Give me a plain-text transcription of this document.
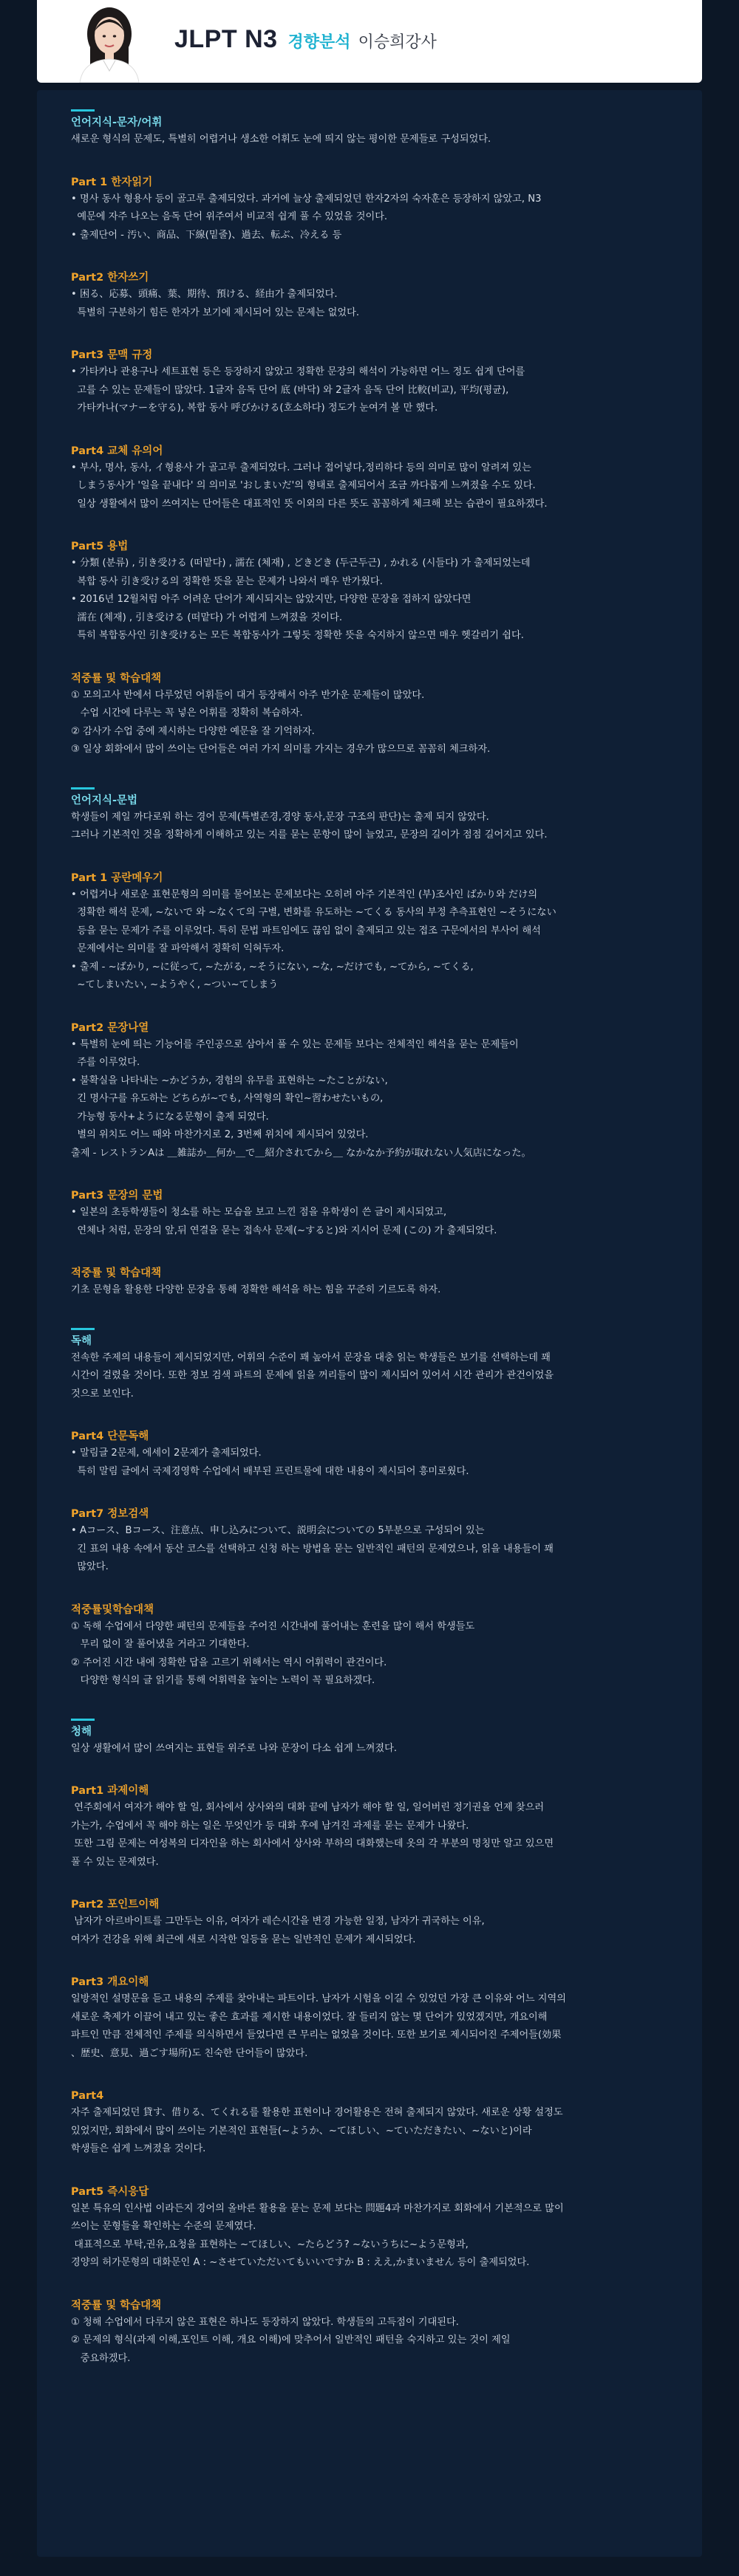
JLPT N3 경향분석 이승희강사
언어지식-문자/어휘
새로운 형식의 문제도, 특별히 어렵거나 생소한 어휘도 눈에 띄지 않는 평이한 문제들로 구성되었다.
Part 1 한자읽기
• 명사 동사 형용사 등이 골고루 출제되었다. 과거에 늘상 출제되었던 한자2자의 숙자훈은 등장하지 않았고, N3
예문에 자주 나오는 음독 단어 위주여서 비교적 쉽게 풀 수 있었을 것이다.
• 출제단어 - 汚い、商品、下線(밑줄)、過去、転ぶ、冷える 등
Part2 한자쓰기
• 困る、応募、頭痛、葉、期待、預ける、経由가 출제되었다.
특별히 구분하기 힘든 한자가 보기에 제시되어 있는 문제는 없었다.
Part3 문맥 규정
• 가타카나 관용구나 세트표현 등은 등장하지 않았고 정확한 문장의 해석이 가능하면 어느 정도 쉽게 단어를
고를 수 있는 문제들이 많았다. 1글자 음독 단어 底 (바닥) 와 2글자 음독 단어 比較(비교), 平均(평균),
가타카나(マナーを守る), 복합 동사 呼びかける(호소하다) 정도가 눈여겨 볼 만 했다.
Part4 교체 유의어
• 부사, 명사, 동사, イ형용사 가 골고루 출제되었다. 그러나 접어넣다,정리하다 등의 의미로 많이 알려져 있는
しまう동사가 '일을 끝내다' 의 의미로 'おしまいだ'의 형태로 출제되어서 조금 까다롭게 느껴졌을 수도 있다.
일상 생활에서 많이 쓰여지는 단어들은 대표적인 뜻 이외의 다른 뜻도 꼼꼼하게 체크해 보는 습관이 필요하겠다.
Part5 용법
• 分類 (분류) , 引き受ける (떠맡다) , 濡在 (체재) , どきどき (두근두근) , かれる (시들다) 가 출제되었는데
복합 동사 引き受ける의 정확한 뜻을 묻는 문제가 나와서 매우 반가웠다.
• 2016년 12월처럼 아주 어려운 단어가 제시되지는 않았지만, 다양한 문장을 접하지 않았다면
濡在 (체재) , 引き受ける (떠맡다) 가 어렵게 느껴졌을 것이다.
특히 복합동사인 引き受ける는 모든 복합동사가 그렇듯 정확한 뜻을 숙지하지 않으면 매우 헷갈리기 쉽다.
적중률 및 학습대책
① 모의고사 반에서 다루었던 어휘들이 대거 등장해서 아주 반가운 문제들이 많았다.
수업 시간에 다루는 꼭 넣은 어휘를 정확히 복습하자.
② 감사가 수업 중에 제시하는 다양한 예문을 잘 기억하자.
③ 일상 회화에서 많이 쓰이는 단어들은 여러 가지 의미를 가지는 경우가 많으므로 꼼꼼히 체크하자.
언어지식-문법
학생들이 제일 까다로워 하는 경어 문제(특별존경,경양 동사,문장 구조의 판단)는 출제 되지 않았다.
그러나 기본적인 것을 정확하게 이해하고 있는 지를 묻는 문항이 많이 늘었고, 문장의 길이가 점점 길어지고 있다.
Part 1 공란메우기
• 어렵거나 새로운 표현문형의 의미를 물어보는 문제보다는 오히려 아주 기본적인 (부)조사인 ばかり와 だけ의
정확한 해석 문제, ~ないで 와 ~なくて의 구별, 변화를 유도하는 ~てくる 동사의 부정 추측표현인 ~そうにない
등을 묻는 문제가 주를 이루었다. 특히 문법 파트임에도 끊임 없이 출제되고 있는 접조 구문에서의 부사어 해석
문제에서는 의미를 잘 파악해서 정확히 익혀두자.
• 출제 - ~ばかり, ~に従って, ~たがる, ~そうにない, ~な, ~だけでも, ~てから, ~てくる,
~てしまいたい, ~ようやく, ~つい~てしまう
Part2 문장나열
• 특별히 눈에 띄는 기능어를 주인공으로 삼아서 풀 수 있는 문제들 보다는 전체적인 해석을 묻는 문제들이
주를 이루었다.
• 불확실을 나타내는 ~かどうか, 경험의 유무를 표현하는 ~たことがない,
긴 명사구를 유도하는 どちらが~でも, 사역형의 확인~習わせたいもの,
가능형 동사+ようになる문형이 출제 되었다.
별의 위치도 어느 때와 마찬가지로 2, 3번째 위치에 제시되어 있었다.
출제 - レストランAは ＿雑誌か＿何か＿で＿紹介されてから＿ なかなか予約が取れない人気店になった。
Part3 문장의 문법
• 일본의 초등학생들이 청소를 하는 모습을 보고 느낀 점을 유학생이 쓴 글이 제시되었고,
연체나 처럼, 문장의 앞,뒤 연결을 묻는 접속사 문제(~すると)와 지시어 문제 (この) 가 출제되었다.
적중률 및 학습대책
기초 문형을 활용한 다양한 문장을 통해 정확한 해석을 하는 힘을 꾸준히 기르도록 하자.
독해
전속한 주제의 내용들이 제시되었지만, 어휘의 수준이 꽤 높아서 문장을 대충 읽는 학생들은 보기를 선택하는데 꽤
시간이 걸렸을 것이다. 또한 정보 검색 파트의 문제에 읽을 꺼리들이 많이 제시되어 있어서 시간 관리가 관건이었을
것으로 보인다.
Part4 단문독해
• 말림글 2문제, 에세이 2문제가 출제되었다.
특히 말림 글에서 국제경영학 수업에서 배부된 프린트물에 대한 내용이 제시되어 흥미로웠다.
Part7 정보검색
• Aコース、Bコース、注意点、申し込みについて、説明会についての 5부분으로 구성되어 있는
긴 표의 내용 속에서 동산 코스를 선택하고 신청 하는 방법을 묻는 일반적인 패턴의 문제였으나, 읽을 내용들이 꽤
많았다.
적중률및학습대책
① 독해 수업에서 다양한 패턴의 문제들을 주어진 시간내에 풀어내는 훈련을 많이 해서 학생들도
무리 없이 잘 풀어냈을 거라고 기대한다.
② 주어진 시간 내에 정확한 답을 고르기 위해서는 역시 어휘력이 관건이다.
다양한 형식의 글 읽기를 통해 어휘력을 높이는 노력이 꼭 필요하겠다.
청해
일상 생활에서 많이 쓰여지는 표현들 위주로 나와 문장이 다소 쉽게 느껴졌다.
Part1 과제이해
연주회에서 여자가 해야 할 일, 회사에서 상사와의 대화 끝에 남자가 해야 할 일, 일어버린 정기권을 언제 찾으러
가는가, 수업에서 꼭 해야 하는 일은 무엇인가 등 대화 후에 남겨진 과제를 묻는 문제가 나왔다.
또한 그림 문제는 여성복의 디자인을 하는 회사에서 상사와 부하의 대화했는데 옷의 각 부분의 명칭만 알고 있으면
풀 수 있는 문제였다.
Part2 포인트이해
남자가 아르바이트를 그만두는 이유, 여자가 레슨시간을 변경 가능한 일정, 남자가 귀국하는 이유,
여자가 건강을 위해 최근에 새로 시작한 일등을 묻는 일반적인 문제가 제시되었다.
Part3 개요이해
일방적인 설명문을 듣고 내용의 주제를 찾아내는 파트이다. 남자가 시험을 이길 수 있었던 가장 큰 이유와 어느 지역의
새로운 축제가 이끌어 내고 있는 좋은 효과를 제시한 내용이었다. 잘 들리지 않는 몇 단어가 있었겠지만, 개요이해
파트인 만큼 전체적인 주제를 의식하면서 들었다면 큰 무리는 없었을 것이다. 또한 보기로 제시되어진 주제어들(効果
、歴史、意見、過ごす場所)도 친숙한 단어들이 많았다.
Part4
자주 출제되었던 貸す、借りる、てくれる를 활용한 표현이나 경어활용은 전혀 출제되지 않았다. 새로운 상황 설정도
있었지만, 회화에서 많이 쓰이는 기본적인 표현들(~ようか、~てほしい、~ていただきたい、~ないと)이라
학생들은 쉽게 느껴졌을 것이다.
Part5 즉시응답
일본 특유의 인사법 이라든지 경어의 올바른 활용을 묻는 문제 보다는 問題4과 마찬가지로 회화에서 기본적으로 많이
쓰이는 문형들을 확인하는 수준의 문제였다.
대표적으로 부탁,권유,요청을 표현하는 ~てほしい、~たらどう? ~ないうちに~よう문형과,
경양의 허가문형의 대화문인 A : ~させていただいてもいいですか B : ええ,かまいません 등이 출제되었다.
적중률 및 학습대책
① 청해 수업에서 다루지 않은 표현은 하나도 등장하지 않았다. 학생들의 고득점이 기대된다.
② 문제의 형식(과제 이해,포인트 이해, 개요 이해)에 맞추어서 일반적인 패턴을 숙지하고 있는 것이 제일
중요하겠다.
